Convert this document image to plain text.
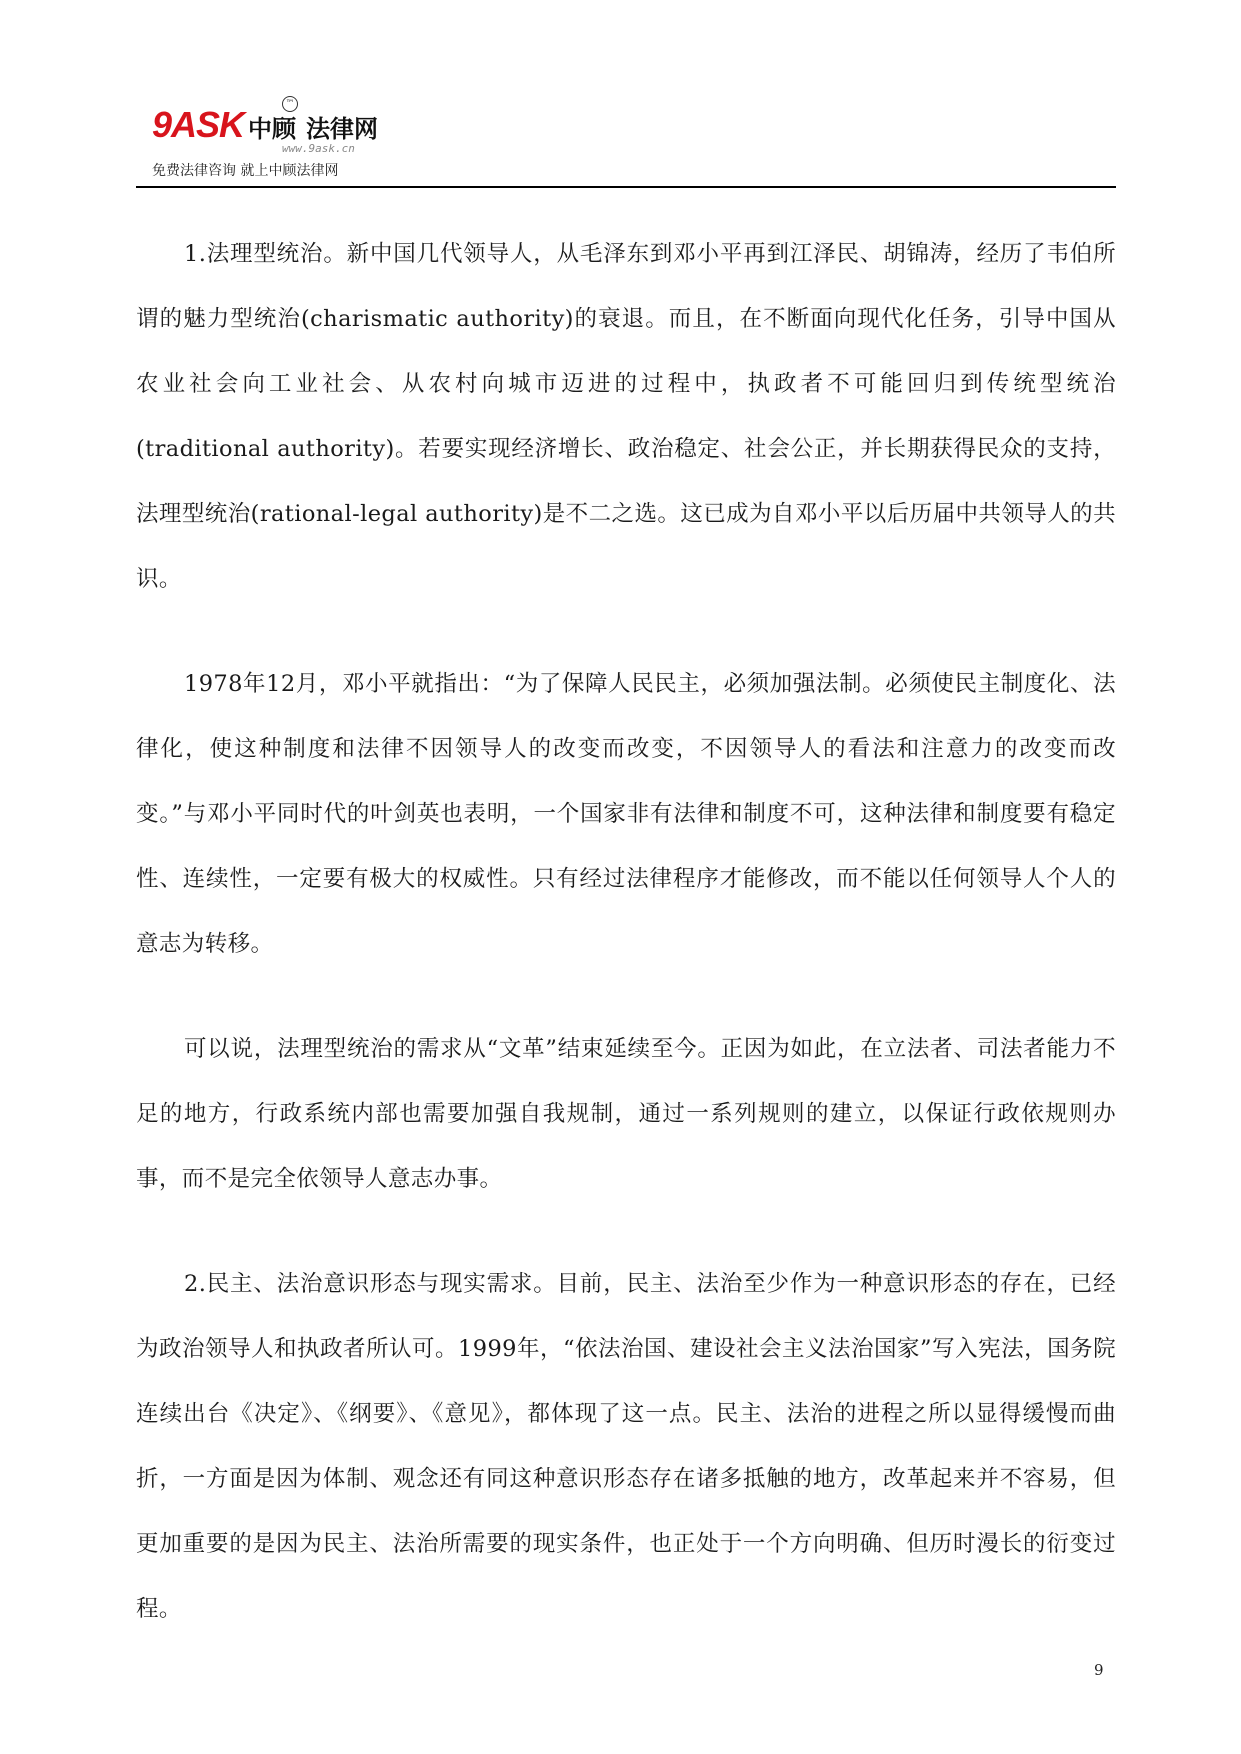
9ASK 中顾 法律网
™
www.9ask.cn
免费法律咨询 就上中顾法律网

1.法理型统治。新中国几代领导人，从毛泽东到邓小平再到江泽民、胡锦涛，经历了韦伯所谓的魅力型统治(charismatic authority)的衰退。而且，在不断面向现代化任务，引导中国从农业社会向工业社会、从农村向城市迈进的过程中，执政者不可能回归到传统型统治(traditional authority)。若要实现经济增长、政治稳定、社会公正，并长期获得民众的支持，法理型统治(rational-legal authority)是不二之选。这已成为自邓小平以后历届中共领导人的共识。

1978年12月，邓小平就指出：“为了保障人民民主，必须加强法制。必须使民主制度化、法律化，使这种制度和法律不因领导人的改变而改变，不因领导人的看法和注意力的改变而改变。”与邓小平同时代的叶剑英也表明，一个国家非有法律和制度不可，这种法律和制度要有稳定性、连续性，一定要有极大的权威性。只有经过法律程序才能修改，而不能以任何领导人个人的意志为转移。

可以说，法理型统治的需求从“文革”结束延续至今。正因为如此，在立法者、司法者能力不足的地方，行政系统内部也需要加强自我规制，通过一系列规则的建立，以保证行政依规则办事，而不是完全依领导人意志办事。

2.民主、法治意识形态与现实需求。目前，民主、法治至少作为一种意识形态的存在，已经为政治领导人和执政者所认可。1999年，“依法治国、建设社会主义法治国家”写入宪法，国务院连续出台《决定》、《纲要》、《意见》，都体现了这一点。民主、法治的进程之所以显得缓慢而曲折，一方面是因为体制、观念还有同这种意识形态存在诸多抵触的地方，改革起来并不容易，但更加重要的是因为民主、法治所需要的现实条件，也正处于一个方向明确、但历时漫长的衍变过程。

9
